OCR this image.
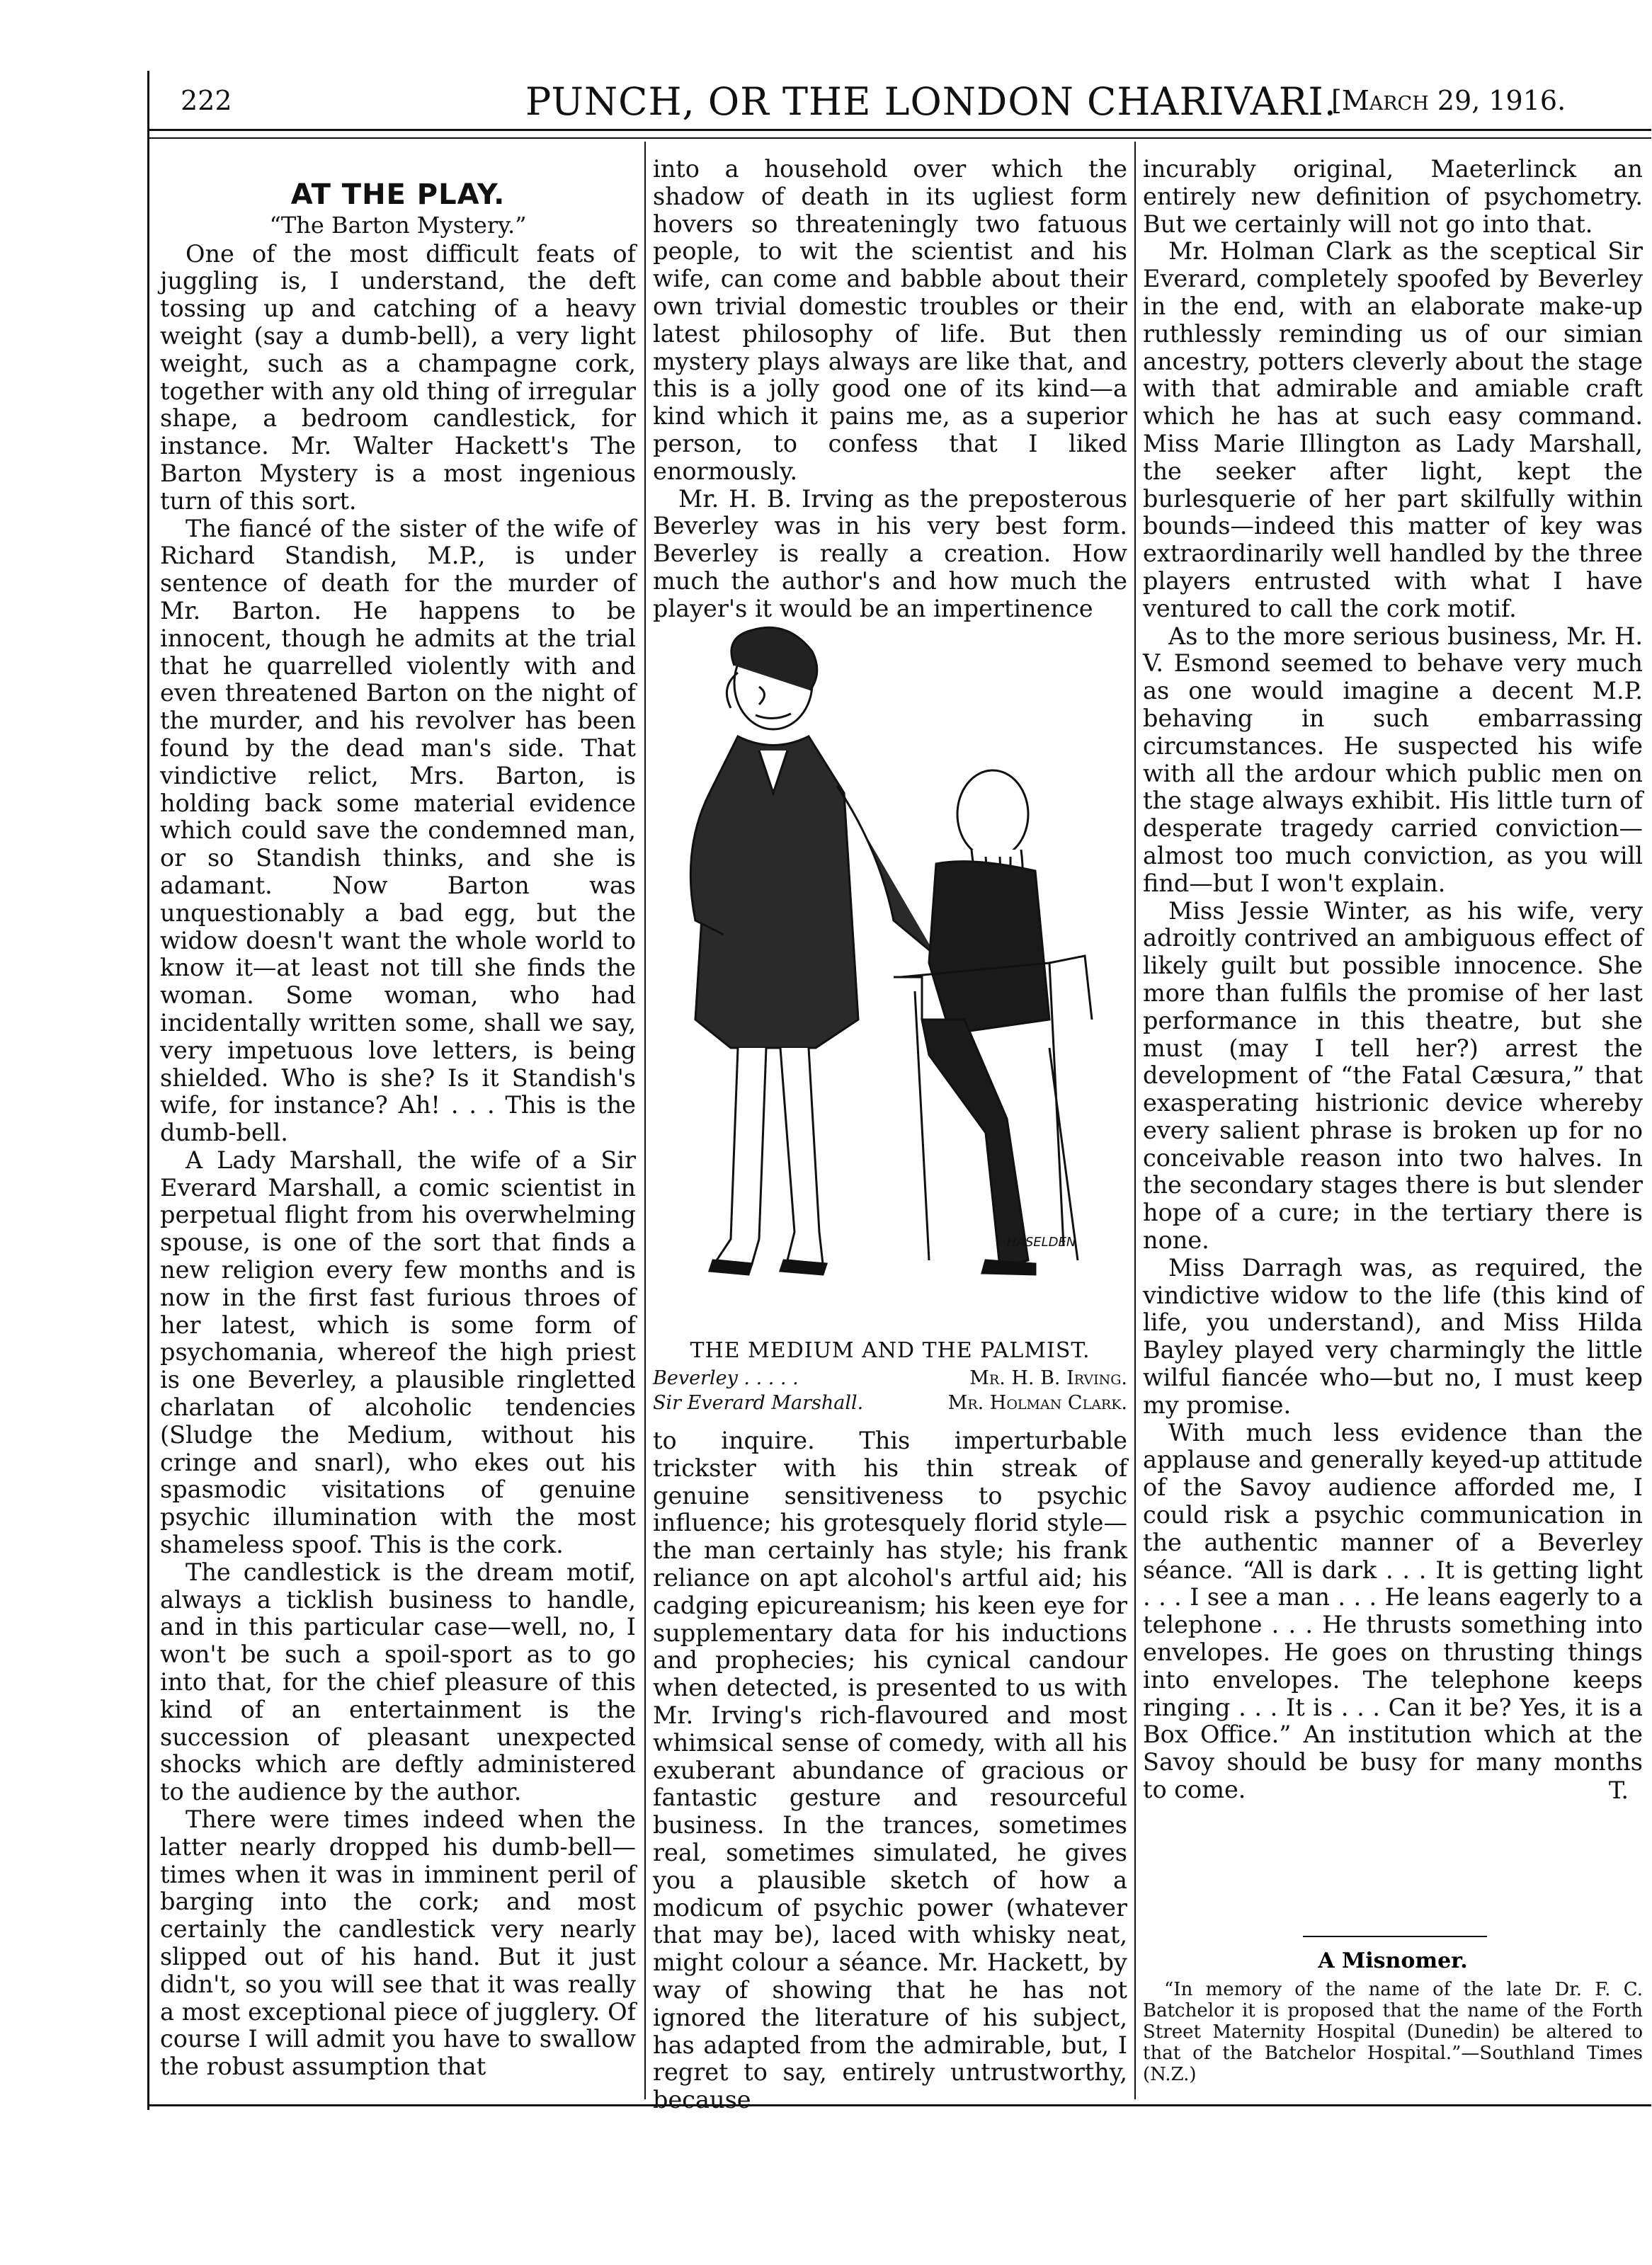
222	PUNCH, OR THE LONDON CHARIVARI.
[March 29, 1916.
AT THE PLAY.
“The Barton Mystery.”

One of the most difficult feats of juggling is, I understand, the deft tossing up and catching of a heavy weight (say a dumb-bell), a very light weight, such as a champagne cork, together with any old thing of irregular shape, a bedroom candlestick, for instance. Mr. Walter Hackett's The Barton Mystery is a most ingenious turn of this sort.

The fiancé of the sister of the wife of Richard Standish, M.P., is under sentence of death for the murder of Mr. Barton. He happens to be innocent, though he admits at the trial that he quarrelled violently with and even threatened Barton on the night of the murder, and his revolver has been found by the dead man's side. That vindictive relict, Mrs. Barton, is holding back some material evidence which could save the condemned man, or so Standish thinks, and she is adamant. Now Barton was unquestionably a bad egg, but the widow doesn't want the whole world to know it—at least not till she finds the woman. Some woman, who had incidentally written some, shall we say, very impetuous love letters, is being shielded. Who is she? Is it Standish's wife, for instance? Ah! . . . This is the dumb-bell.

A Lady Marshall, the wife of a Sir Everard Marshall, a comic scientist in perpetual flight from his overwhelming spouse, is one of the sort that finds a new religion every few months and is now in the first fast furious throes of her latest, which is some form of psychomania, whereof the high priest is one Beverley, a plausible ringletted charlatan of alcoholic tendencies (Sludge the Medium, without his cringe and snarl), who ekes out his spasmodic visitations of genuine psychic illumination with the most shameless spoof. This is the cork.

The candlestick is the dream motif, always a ticklish business to handle, and in this particular case—well, no, I won't be such a spoil-sport as to go into that, for the chief pleasure of this kind of an entertainment is the succession of pleasant unexpected shocks which are deftly administered to the audience by the author.

There were times indeed when the latter nearly dropped his dumb-bell—times when it was in imminent peril of barging into the cork; and most certainly the candlestick very nearly slipped out of his hand. But it just didn't, so you will see that it was really a most exceptional piece of jugglery. Of course I will admit you have to swallow the robust assumption that

into a household over which the shadow of death in its ugliest form hovers so threateningly two fatuous people, to wit the scientist and his wife, can come and babble about their own trivial domestic troubles or their latest philosophy of life. But then mystery plays always are like that, and this is a jolly good one of its kind—a kind which it pains me, as a superior person, to confess that I liked enormously.

Mr. H. B. Irving as the preposterous Beverley was in his very best form. Beverley is really a creation. How much the author's and how much the player's it would be an impertinence

HASELDEN
THE MEDIUM AND THE PALMIST.
Beverley . . . . .	Mr. H. B. Irving.
Sir Everard Marshall.	Mr. Holman Clark.

to inquire. This imperturbable trickster with his thin streak of genuine sensitiveness to psychic influence; his grotesquely florid style—the man certainly has style; his frank reliance on apt alcohol's artful aid; his cadging epicureanism; his keen eye for supplementary data for his inductions and prophecies; his cynical candour when detected, is presented to us with Mr. Irving's rich-flavoured and most whimsical sense of comedy, with all his exuberant abundance of gracious or fantastic gesture and resourceful business. In the trances, sometimes real, sometimes simulated, he gives you a plausible sketch of how a modicum of psychic power (whatever that may be), laced with whisky neat, might colour a séance. Mr. Hackett, by way of showing that he has not ignored the literature of his subject, has adapted from the admirable, but, I regret to say, entirely untrustworthy, because

incurably original, Maeterlinck an entirely new definition of psychometry. But we certainly will not go into that.

Mr. Holman Clark as the sceptical Sir Everard, completely spoofed by Beverley in the end, with an elaborate make-up ruthlessly reminding us of our simian ancestry, potters cleverly about the stage with that admirable and amiable craft which he has at such easy command. Miss Marie Illington as Lady Marshall, the seeker after light, kept the burlesquerie of her part skilfully within bounds—indeed this matter of key was extraordinarily well handled by the three players entrusted with what I have ventured to call the cork motif.

As to the more serious business, Mr. H. V. Esmond seemed to behave very much as one would imagine a decent M.P. behaving in such embarrassing circumstances. He suspected his wife with all the ardour which public men on the stage always exhibit. His little turn of desperate tragedy carried conviction—almost too much conviction, as you will find—but I won't explain.

Miss Jessie Winter, as his wife, very adroitly contrived an ambiguous effect of likely guilt but possible innocence. She more than fulfils the promise of her last performance in this theatre, but she must (may I tell her?) arrest the development of “the Fatal Cæsura,” that exasperating histrionic device whereby every salient phrase is broken up for no conceivable reason into two halves. In the secondary stages there is but slender hope of a cure; in the tertiary there is none.

Miss Darragh was, as required, the vindictive widow to the life (this kind of life, you understand), and Miss Hilda Bayley played very charmingly the little wilful fiancée who—but no, I must keep my promise.

With much less evidence than the applause and generally keyed-up attitude of the Savoy audience afforded me, I could risk a psychic communication in the authentic manner of a Beverley séance. “All is dark . . . It is getting light . . . I see a man . . . He leans eagerly to a telephone . . . He thrusts something into envelopes. He goes on thrusting things into envelopes. The telephone keeps ringing . . . It is . . . Can it be? Yes, it is a Box Office.” An institution which at the Savoy should be busy for many months to come.	T.
A Misnomer.
“In memory of the name of the late Dr. F. C. Batchelor it is proposed that the name of the Forth Street Maternity Hospital (Dunedin) be altered to that of the Batchelor Hospital.”—Southland Times (N.Z.)
